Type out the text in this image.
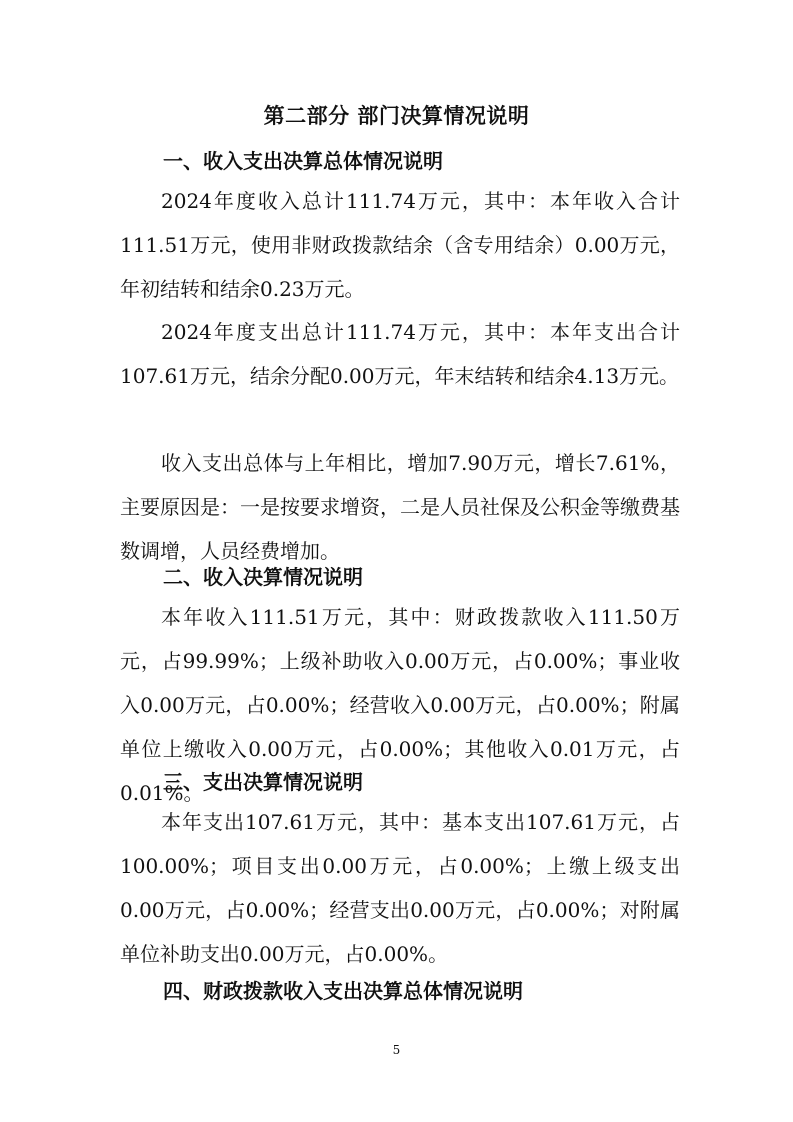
第二部分 部门决算情况说明
一、收入支出决算总体情况说明
2024年度收入总计111.74万元，其中：本年收入合计111.51万元，使用非财政拨款结余（含专用结余）0.00万元，年初结转和结余0.23万元。
2024年度支出总计111.74万元，其中：本年支出合计107.61万元，结余分配0.00万元，年末结转和结余4.13万元。
收入支出总体与上年相比，增加7.90万元，增长7.61%，主要原因是：一是按要求增资，二是人员社保及公积金等缴费基数调增，人员经费增加。
二、收入决算情况说明
本年收入111.51万元，其中：财政拨款收入111.50万元，占99.99%；上级补助收入0.00万元，占0.00%；事业收入0.00万元，占0.00%；经营收入0.00万元，占0.00%；附属单位上缴收入0.00万元，占0.00%；其他收入0.01万元，占0.01%。
三、支出决算情况说明
本年支出107.61万元，其中：基本支出107.61万元，占100.00%；项目支出0.00万元，占0.00%；上缴上级支出0.00万元，占0.00%；经营支出0.00万元，占0.00%；对附属单位补助支出0.00万元，占0.00%。
四、财政拨款收入支出决算总体情况说明
5
